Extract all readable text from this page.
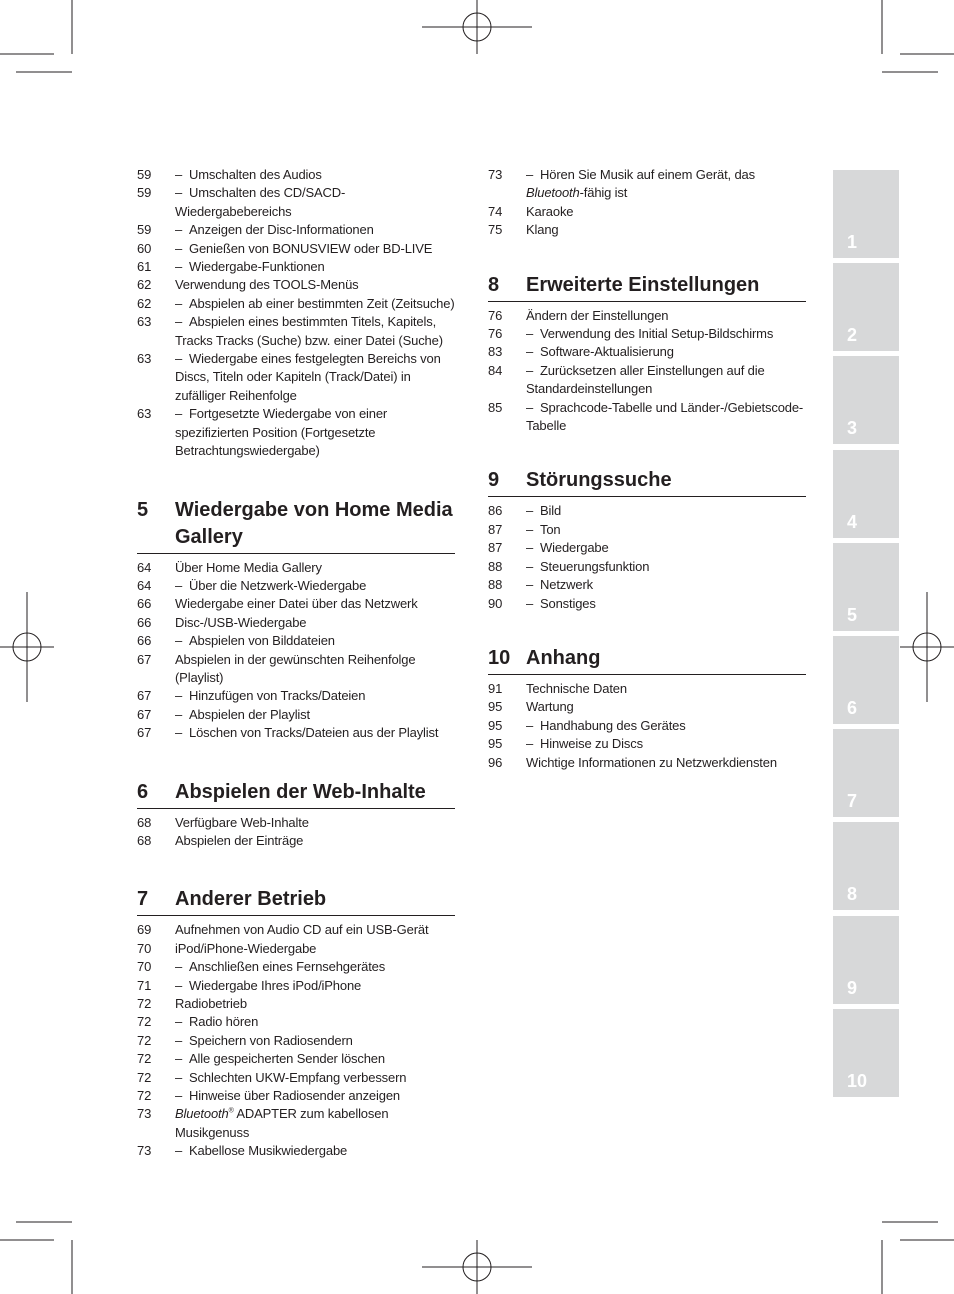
59	– Umschalten des Audios
59	– Umschalten des CD/SACD-Wiedergabebereichs
59	– Anzeigen der Disc-Informationen
60	– Genießen von BONUSVIEW oder BD-LIVE
61	– Wiedergabe-Funktionen
62	Verwendung des TOOLS-Menüs
62	– Abspielen ab einer bestimmten Zeit (Zeitsuche)
63	– Abspielen eines bestimmten Titels, Kapitels, Tracks Tracks (Suche) bzw. einer Datei (Suche)
63	– Wiedergabe eines festgelegten Bereichs von Discs, Titeln oder Kapiteln (Track/Datei) in zufälliger Reihenfolge
63	– Fortgesetzte Wiedergabe von einer spezifizierten Position (Fortgesetzte Betrachtungswiedergabe)
5	Wiedergabe von Home Media Gallery
64	Über Home Media Gallery
64	– Über die Netzwerk-Wiedergabe
66	Wiedergabe einer Datei über das Netzwerk
66	Disc-/USB-Wiedergabe
66	– Abspielen von Bilddateien
67	Abspielen in der gewünschten Reihenfolge (Playlist)
67	– Hinzufügen von Tracks/Dateien
67	– Abspielen der Playlist
67	– Löschen von Tracks/Dateien aus der Playlist
6	Abspielen der Web-Inhalte
68	Verfügbare Web-Inhalte
68	Abspielen der Einträge
7	Anderer Betrieb
69	Aufnehmen von Audio CD auf ein USB-Gerät
70	iPod/iPhone-Wiedergabe
70	– Anschließen eines Fernsehgerätes
71	– Wiedergabe Ihres iPod/iPhone
72	Radiobetrieb
72	– Radio hören
72	– Speichern von Radiosendern
72	– Alle gespeicherten Sender löschen
72	– Schlechten UKW-Empfang verbessern
72	– Hinweise über Radiosender anzeigen
73	Bluetooth® ADAPTER zum kabellosen Musikgenuss
73	– Kabellose Musikwiedergabe
73	– Hören Sie Musik auf einem Gerät, das Bluetooth-fähig ist
74	Karaoke
75	Klang
8	Erweiterte Einstellungen
76	Ändern der Einstellungen
76	– Verwendung des Initial Setup-Bildschirms
83	– Software-Aktualisierung
84	– Zurücksetzen aller Einstellungen auf die Standardeinstellungen
85	– Sprachcode-Tabelle und Länder-/Gebietscode-Tabelle
9	Störungssuche
86	– Bild
87	– Ton
87	– Wiedergabe
88	– Steuerungsfunktion
88	– Netzwerk
90	– Sonstiges
10 Anhang
91	Technische Daten
95	Wartung
95	– Handhabung des Gerätes
95	– Hinweise zu Discs
96	Wichtige Informationen zu Netzwerkdiensten
1
2
3
4
5
6
7
8
9
10
